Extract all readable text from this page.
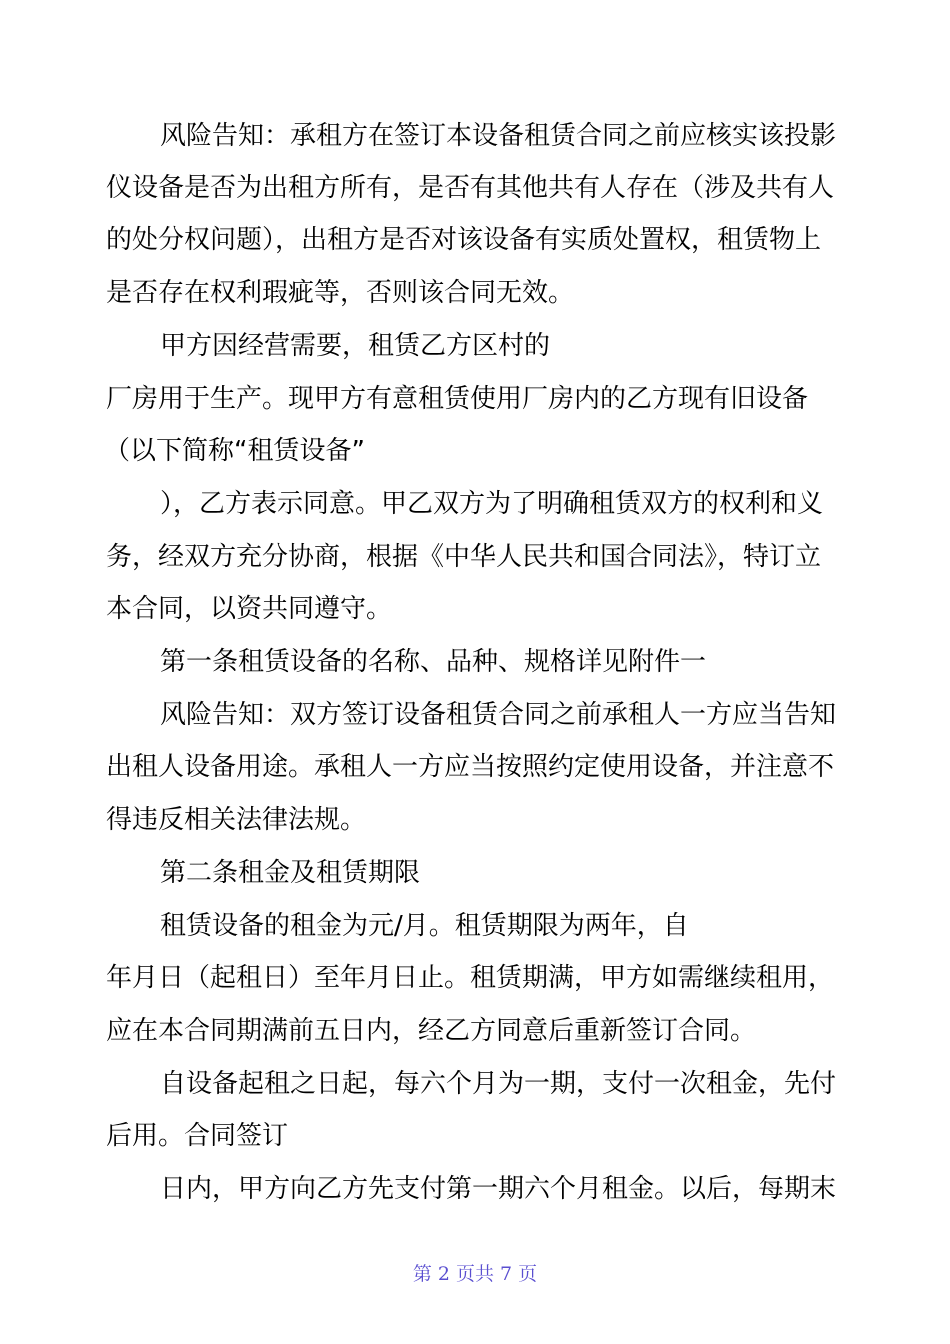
风险告知：承租方在签订本设备租赁合同之前应核实该投影
仪设备是否为出租方所有，是否有其他共有人存在（涉及共有人
的处分权问题），出租方是否对该设备有实质处置权，租赁物上
是否存在权利瑕疵等，否则该合同无效。
甲方因经营需要，租赁乙方区村的
厂房用于生产。现甲方有意租赁使用厂房内的乙方现有旧设备
（以下简称“租赁设备”
），乙方表示同意。甲乙双方为了明确租赁双方的权利和义
务，经双方充分协商，根据《中华人民共和国合同法》，特订立
本合同，以资共同遵守。
第一条租赁设备的名称、品种、规格详见附件一
风险告知：双方签订设备租赁合同之前承租人一方应当告知
出租人设备用途。承租人一方应当按照约定使用设备，并注意不
得违反相关法律法规。
第二条租金及租赁期限
租赁设备的租金为元/月。租赁期限为两年，自
年月日（起租日）至年月日止。租赁期满，甲方如需继续租用，
应在本合同期满前五日内，经乙方同意后重新签订合同。
自设备起租之日起，每六个月为一期，支付一次租金，先付
后用。合同签订
日内，甲方向乙方先支付第一期六个月租金。以后，每期末
第 2 页共 7 页
